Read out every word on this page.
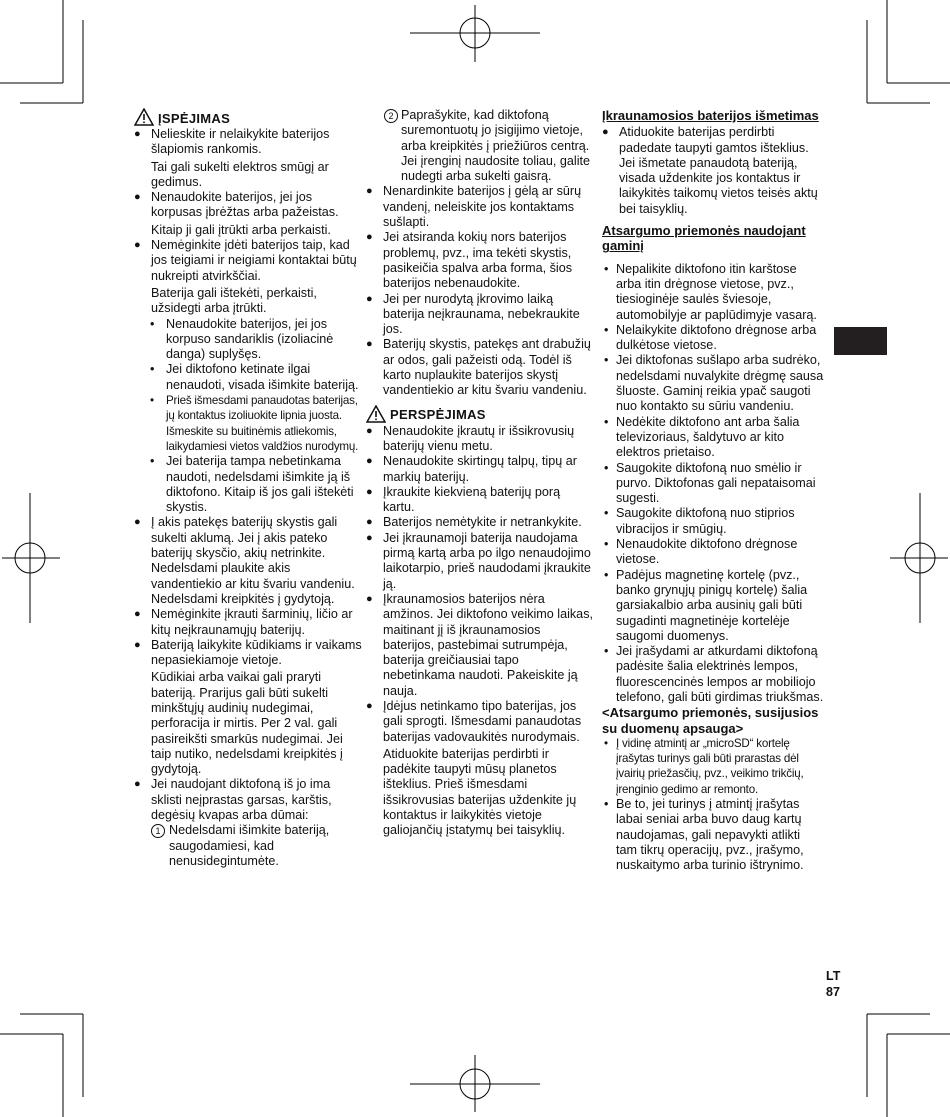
ĮSPĖJIMAS

● Nelieskite ir nelaikykite baterijos šlapiomis rankomis.

Tai gali sukelti elektros smūgį ar gedimus.

● Nenaudokite baterijos, jei jos korpusas įbrėžtas arba pažeistas.

Kitaip ji gali įtrūkti arba perkaisti.

● Nemėginkite įdėti baterijos taip, kad jos teigiami ir neigiami kontaktai būtų nukreipti atvirkščiai.

Baterija gali ištekėti, perkaisti, užsidegti arba įtrūkti.

• Nenaudokite baterijos, jei jos korpuso sandariklis (izoliacinė danga) suplyšęs.

• Jei diktofono ketinate ilgai nenaudoti, visada išimkite bateriją.

• Prieš išmesdami panaudotas baterijas, jų kontaktus izoliuokite lipnia juosta. Išmeskite su buitinėmis atliekomis, laikydamiesi vietos valdžios nurodymų.

• Jei baterija tampa nebetinkama naudoti, nedelsdami išimkite ją iš diktofono. Kitaip iš jos gali ištekėti skystis.

● Į akis patekęs baterijų skystis gali sukelti aklumą. Jei į akis pateko baterijų skysčio, akių netrinkite. Nedelsdami plaukite akis vandentiekio ar kitu švariu vandeniu. Nedelsdami kreipkitės į gydytoją.

● Nemėginkite įkrauti šarminių, ličio ar kitų neįkraunamųjų baterijų.

● Bateriją laikykite kūdikiams ir vaikams nepasiekiamoje vietoje.

Kūdikiai arba vaikai gali praryti bateriją. Prarijus gali būti sukelti minkštųjų audinių nudegimai, perforacija ir mirtis. Per 2 val. gali pasireikšti smarkūs nudegimai. Jei taip nutiko, nedelsdami kreipkitės į gydytoją.

● Jei naudojant diktofoną iš jo ima sklisti neįprastas garsas, karštis, degėsių kvapas arba dūmai:

1 Nedelsdami išimkite bateriją, saugodamiesi, kad nenusidegintumėte.

2 Paprašykite, kad diktofoną suremontuotų jo įsigijimo vietoje, arba kreipkitės į priežiūros centrą. Jei įrenginį naudosite toliau, galite nudegti arba sukelti gaisrą.

● Nenardinkite baterijos į gėlą ar sūrų vandenį, neleiskite jos kontaktams sušlapti.

● Jei atsiranda kokių nors baterijos problemų, pvz., ima tekėti skystis, pasikeičia spalva arba forma, šios baterijos nebenaudokite.

● Jei per nurodytą įkrovimo laiką baterija neįkraunama, nebekraukite jos.

● Baterijų skystis, patekęs ant drabužių ar odos, gali pažeisti odą. Todėl iš karto nuplaukite baterijos skystį vandentiekio ar kitu švariu vandeniu.

PERSPĖJIMAS

● Nenaudokite įkrautų ir išsikrovusių baterijų vienu metu.

● Nenaudokite skirtingų talpų, tipų ar markių baterijų.

● Įkraukite kiekvieną baterijų porą kartu.

● Baterijos nemėtykite ir netrankykite.

● Jei įkraunamoji baterija naudojama pirmą kartą arba po ilgo nenaudojimo laikotarpio, prieš naudodami įkraukite ją.

● Įkraunamosios baterijos nėra amžinos. Jei diktofono veikimo laikas, maitinant jį iš įkraunamosios baterijos, pastebimai sutrumpėja, baterija greičiausiai tapo nebetinkama naudoti. Pakeiskite ją nauja.

● Įdėjus netinkamo tipo baterijas, jos gali sprogti. Išmesdami panaudotas baterijas vadovaukitės nurodymais.

Atiduokite baterijas perdirbti ir padėkite taupyti mūsų planetos išteklius. Prieš išmesdami išsikrovusias baterijas uždenkite jų kontaktus ir laikykitės vietoje galiojančių įstatymų bei taisyklių.

Įkraunamosios baterijos išmetimas

● Atiduokite baterijas perdirbti padedate taupyti gamtos išteklius. Jei išmetate panaudotą bateriją, visada uždenkite jos kontaktus ir laikykitės taikomų vietos teisės aktų bei taisyklių.

Atsargumo priemonės naudojant gaminį

• Nepalikite diktofono itin karštose arba itin drėgnose vietose, pvz., tiesioginėje saulės šviesoje, automobilyje ar paplūdimyje vasarą.

• Nelaikykite diktofono drėgnose arba dulkėtose vietose.

• Jei diktofonas sušlapo arba sudrėko, nedelsdami nuvalykite drėgmę sausa šluoste. Gaminį reikia ypač saugoti nuo kontakto su sūriu vandeniu.

• Nedėkite diktofono ant arba šalia televizoriaus, šaldytuvo ar kito elektros prietaiso.

• Saugokite diktofoną nuo smėlio ir purvo. Diktofonas gali nepataisomai sugesti.

• Saugokite diktofoną nuo stiprios vibracijos ir smūgių.

• Nenaudokite diktofono drėgnose vietose.

• Padėjus magnetinę kortelę (pvz., banko grynųjų pinigų kortelę) šalia garsiakalbio arba ausinių gali būti sugadinti magnetinėje kortelėje saugomi duomenys.

• Jei įrašydami ar atkurdami diktofoną padėsite šalia elektrinės lempos, fluorescencinės lempos ar mobiliojo telefono, gali būti girdimas triukšmas.

<Atsargumo priemonės, susijusios su duomenų apsauga>

• Į vidinę atmintį ar „microSD“ kortelę įrašytas turinys gali būti prarastas dėl įvairių priežasčių, pvz., veikimo trikčių, įrenginio gedimo ar remonto.

• Be to, jei turinys į atmintį įrašytas labai seniai arba buvo daug kartų naudojamas, gali nepavykti atlikti tam tikrų operacijų, pvz., įrašymo, nuskaitymo arba turinio ištrynimo.

LT
87
